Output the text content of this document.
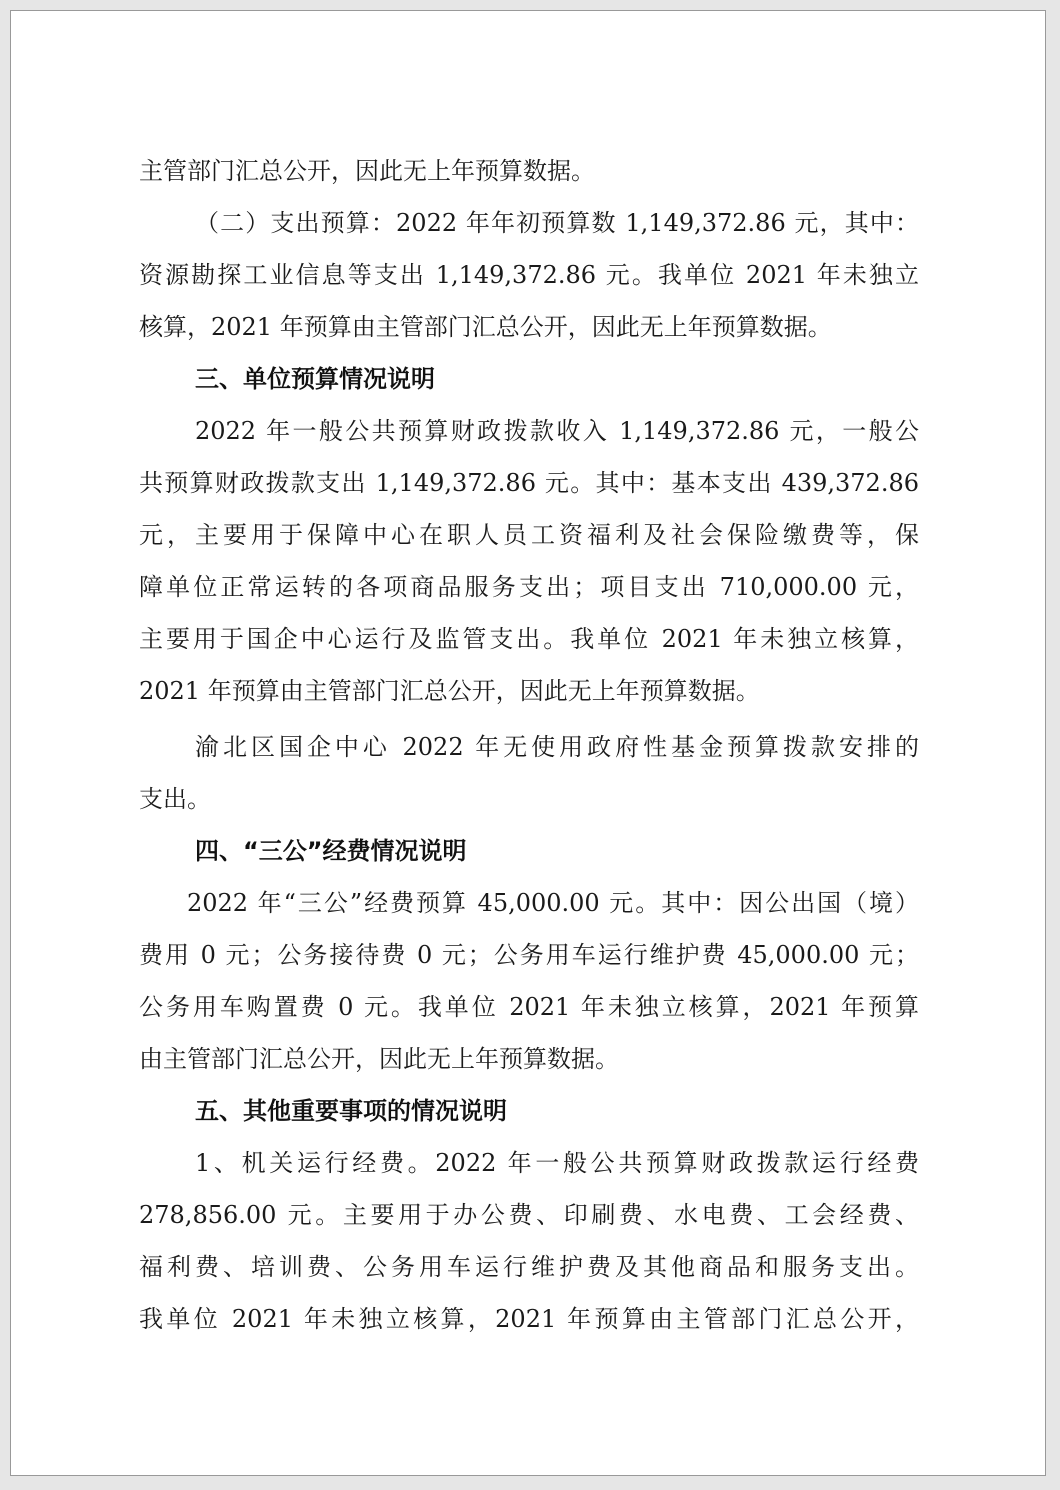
主管部门汇总公开，因此无上年预算数据。
（二）支出预算：2022 年年初预算数 1,149,372.86 元，其中：
资源勘探工业信息等支出 1,149,372.86 元。我单位 2021 年未独立
核算，2021 年预算由主管部门汇总公开，因此无上年预算数据。
三、单位预算情况说明
2022 年一般公共预算财政拨款收入 1,149,372.86 元，一般公
共预算财政拨款支出 1,149,372.86 元。其中：基本支出 439,372.86
元，主要用于保障中心在职人员工资福利及社会保险缴费等，保
障单位正常运转的各项商品服务支出；项目支出 710,000.00 元，
主要用于国企中心运行及监管支出。我单位 2021 年未独立核算，
2021 年预算由主管部门汇总公开，因此无上年预算数据。
渝北区国企中心 2022 年无使用政府性基金预算拨款安排的
支出。
四、“三公”经费情况说明
2022 年“三公”经费预算 45,000.00 元。其中：因公出国（境）
费用 0 元；公务接待费 0 元；公务用车运行维护费 45,000.00 元；
公务用车购置费 0 元。我单位 2021 年未独立核算，2021 年预算
由主管部门汇总公开，因此无上年预算数据。
五、其他重要事项的情况说明
1、机关运行经费。2022 年一般公共预算财政拨款运行经费
278,856.00 元。主要用于办公费、印刷费、水电费、工会经费、
福利费、培训费、公务用车运行维护费及其他商品和服务支出。
我单位 2021 年未独立核算，2021 年预算由主管部门汇总公开，
